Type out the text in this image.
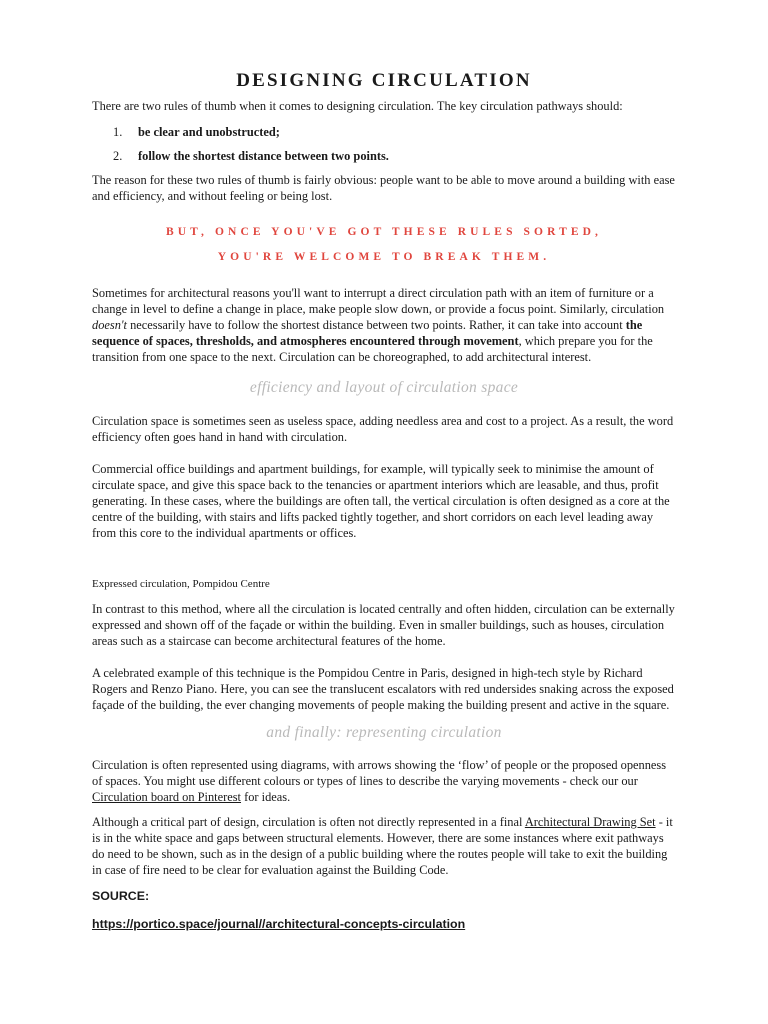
DESIGNING CIRCULATION

There are two rules of thumb when it comes to designing circulation. The key circulation pathways should:

1. be clear and unobstructed;
2. follow the shortest distance between two points.

The reason for these two rules of thumb is fairly obvious: people want to be able to move around a building with ease and efficiency, and without feeling or being lost.

BUT, ONCE YOU'VE GOT THESE RULES SORTED,
YOU'RE WELCOME TO BREAK THEM.

Sometimes for architectural reasons you'll want to interrupt a direct circulation path with an item of furniture or a change in level to define a change in place, make people slow down, or provide a focus point. Similarly, circulation doesn't necessarily have to follow the shortest distance between two points. Rather, it can take into account the sequence of spaces, thresholds, and atmospheres encountered through movement, which prepare you for the transition from one space to the next. Circulation can be choreographed, to add architectural interest.

efficiency and layout of circulation space

Circulation space is sometimes seen as useless space, adding needless area and cost to a project. As a result, the word efficiency often goes hand in hand with circulation.

Commercial office buildings and apartment buildings, for example, will typically seek to minimise the amount of circulate space, and give this space back to the tenancies or apartment interiors which are leasable, and thus, profit generating. In these cases, where the buildings are often tall, the vertical circulation is often designed as a core at the centre of the building, with stairs and lifts packed tightly together, and short corridors on each level leading away from this core to the individual apartments or offices.

Expressed circulation, Pompidou Centre

In contrast to this method, where all the circulation is located centrally and often hidden, circulation can be externally expressed and shown off of the façade or within the building. Even in smaller buildings, such as houses, circulation areas such as a staircase can become architectural features of the home.

A celebrated example of this technique is the Pompidou Centre in Paris, designed in high-tech style by Richard Rogers and Renzo Piano. Here, you can see the translucent escalators with red undersides snaking across the exposed façade of the building, the ever changing movements of people making the building present and active in the square.

and finally: representing circulation

Circulation is often represented using diagrams, with arrows showing the ‘flow’ of people or the proposed openness of spaces. You might use different colours or types of lines to describe the varying movements - check our our Circulation board on Pinterest for ideas.

Although a critical part of design, circulation is often not directly represented in a final Architectural Drawing Set - it is in the white space and gaps between structural elements. However, there are some instances where exit pathways do need to be shown, such as in the design of a public building where the routes people will take to exit the building in case of fire need to be clear for evaluation against the Building Code.

SOURCE:
https://portico.space/journal//architectural-concepts-circulation
